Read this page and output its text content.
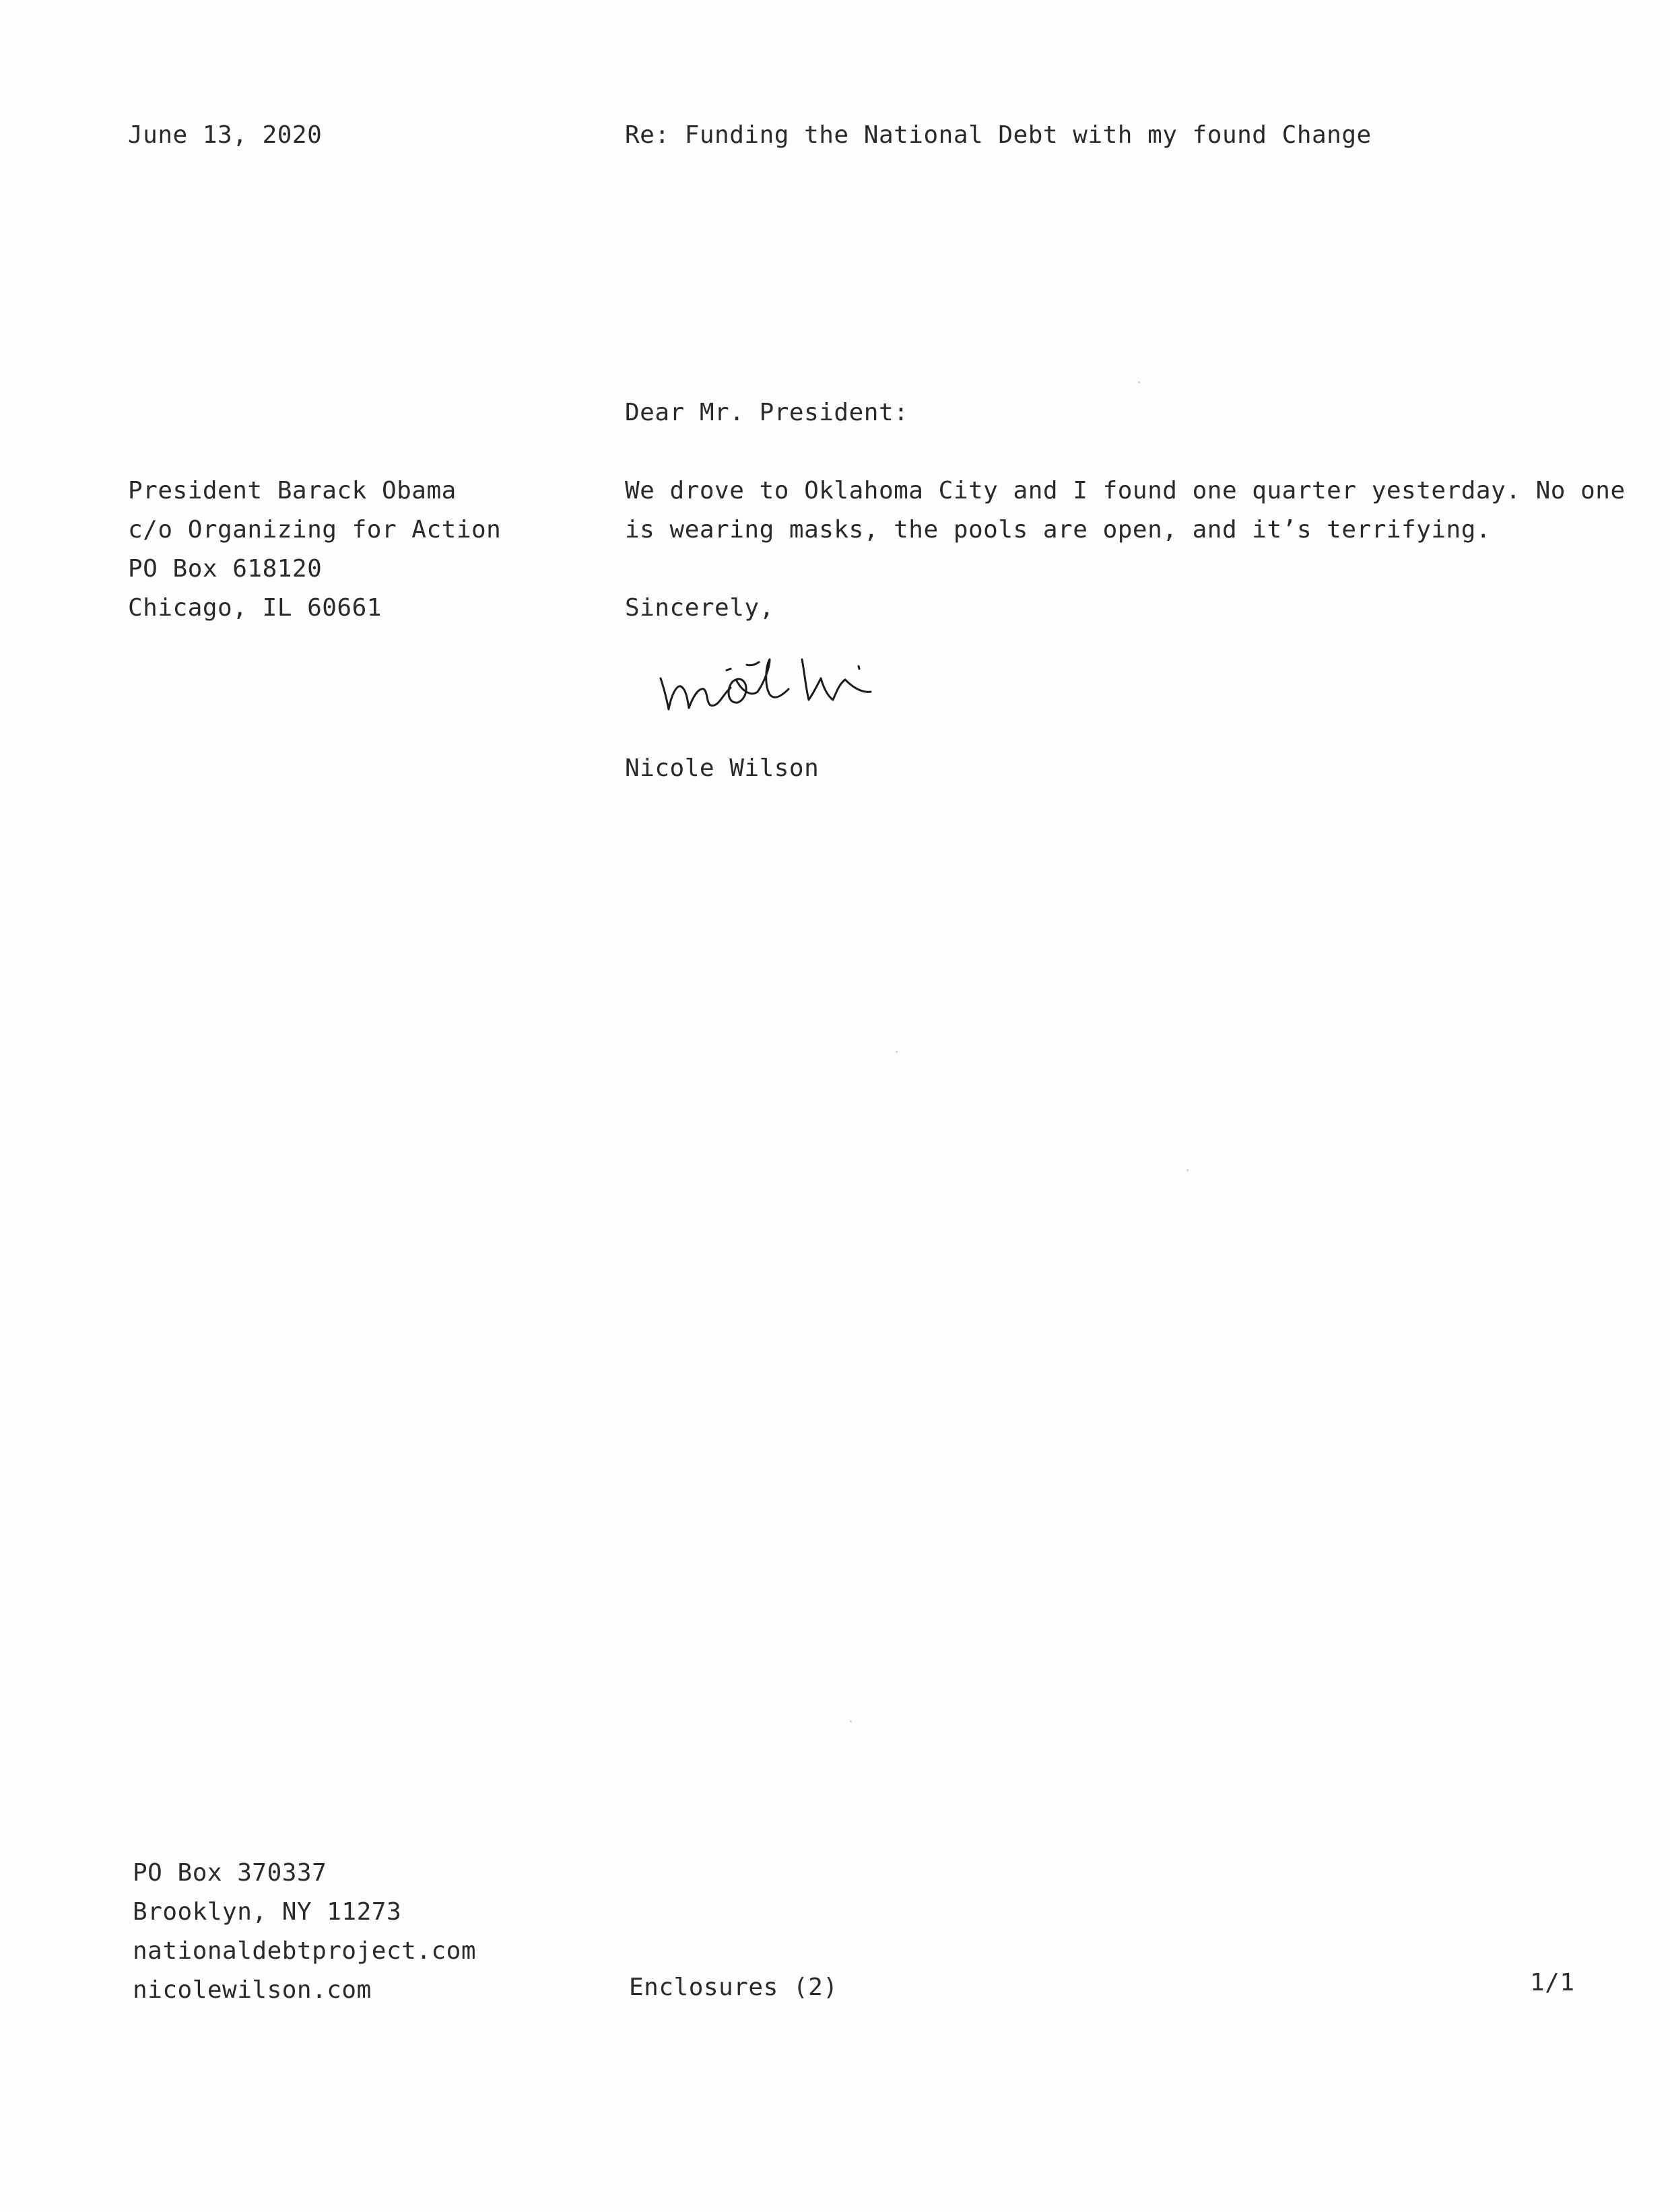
June 13, 2020	Re: Funding the National Debt with my found Change
Dear Mr. President:
President Barack Obama
c/o Organizing for Action
PO Box 618120
Chicago, IL 60661
We drove to Oklahoma City and I found one quarter yesterday. No one
is wearing masks, the pools are open, and it’s terrifying.
Sincerely,
Nicole Wilson
PO Box 370337
Brooklyn, NY 11273
nationaldebtproject.com
nicolewilson.com	Enclosures (2)	1/1
